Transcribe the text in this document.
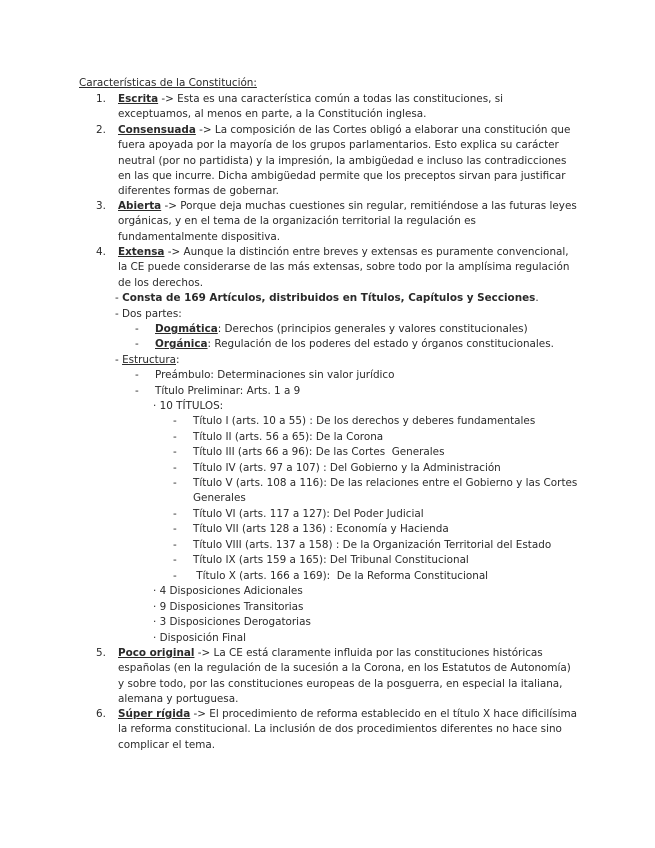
Características de la Constitución:
1. Escrita -> Esta es una característica común a todas las constituciones, si exceptuamos, al menos en parte, a la Constitución inglesa.
2. Consensuada -> La composición de las Cortes obligó a elaborar una constitución que fuera apoyada por la mayoría de los grupos parlamentarios. Esto explica su carácter neutral (por no partidista) y la impresión, la ambigüedad e incluso las contradicciones en las que incurre. Dicha ambigüedad permite que los preceptos sirvan para justificar diferentes formas de gobernar.
3. Abierta -> Porque deja muchas cuestiones sin regular, remitiéndose a las futuras leyes orgánicas, y en el tema de la organización territorial la regulación es fundamentalmente dispositiva.
4. Extensa -> Aunque la distinción entre breves y extensas es puramente convencional, la CE puede considerarse de las más extensas, sobre todo por la amplísima regulación de los derechos.
- Consta de 169 Artículos, distribuidos en Títulos, Capítulos y Secciones.
- Dos partes:
- Dogmática: Derechos (principios generales y valores constitucionales)
- Orgánica: Regulación de los poderes del estado y órganos constitucionales.
- Estructura:
- Preámbulo: Determinaciones sin valor jurídico
- Título Preliminar: Arts. 1 a 9
· 10 TÍTULOS:
- Título I (arts. 10 a 55) : De los derechos y deberes fundamentales
- Título II (arts. 56 a 65): De la Corona
- Título III (arts 66 a 96): De las Cortes  Generales
- Título IV (arts. 97 a 107) : Del Gobierno y la Administración
- Título V (arts. 108 a 116): De las relaciones entre el Gobierno y las Cortes
Generales
- Título VI (arts. 117 a 127): Del Poder Judicial
- Título VII (arts 128 a 136) : Economía y Hacienda
- Título VIII (arts. 137 a 158) : De la Organización Territorial del Estado
- Título IX (arts 159 a 165): Del Tribunal Constitucional
- Título X (arts. 166 a 169):  De la Reforma Constitucional
· 4 Disposiciones Adicionales
· 9 Disposiciones Transitorias
· 3 Disposiciones Derogatorias
· Disposición Final
5. Poco original -> La CE está claramente influida por las constituciones históricas españolas (en la regulación de la sucesión a la Corona, en los Estatutos de Autonomía) y sobre todo, por las constituciones europeas de la posguerra, en especial la italiana, alemana y portuguesa.
6. Súper rígida -> El procedimiento de reforma establecido en el título X hace dificilísima la reforma constitucional. La inclusión de dos procedimientos diferentes no hace sino complicar el tema.
